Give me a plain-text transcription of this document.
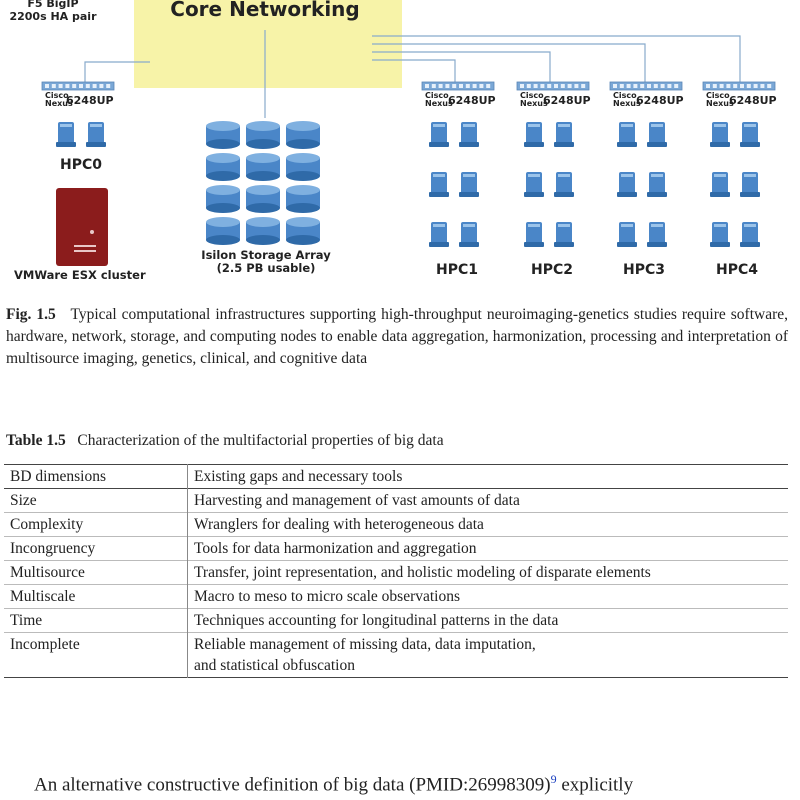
Core Networking
F5 BigIP
2200s HA pair
Cisco Nexus
6248UP	Cisco Nexus
6248UP	Cisco Nexus
6248UP	Cisco Nexus
6248UP	Cisco Nexus
6248UP
HPC0
VMWare ESX cluster
Isilon Storage Array
(2.5 PB usable)	HPC1	HPC2	HPC3	HPC4
Fig. 1.5 Typical computational infrastructures supporting high-throughput neuroimaging-genetics studies require software, hardware, network, storage, and computing nodes to enable data aggregation, harmonization, processing and interpretation of multisource imaging, genetics, clinical, and cognitive data
Table 1.5 Characterization of the multifactorial properties of big data
BD dimensions	Existing gaps and necessary tools
Size	Harvesting and management of vast amounts of data
Complexity	Wranglers for dealing with heterogeneous data
Incongruency	Tools for data harmonization and aggregation
Multisource	Transfer, joint representation, and holistic modeling of disparate elements
Multiscale	Macro to meso to micro scale observations
Time	Techniques accounting for longitudinal patterns in the data
Incomplete	Reliable management of missing data, data imputation,
and statistical obfuscation
An alternative constructive definition of big data (PMID:26998309)$^9$ explicitly
